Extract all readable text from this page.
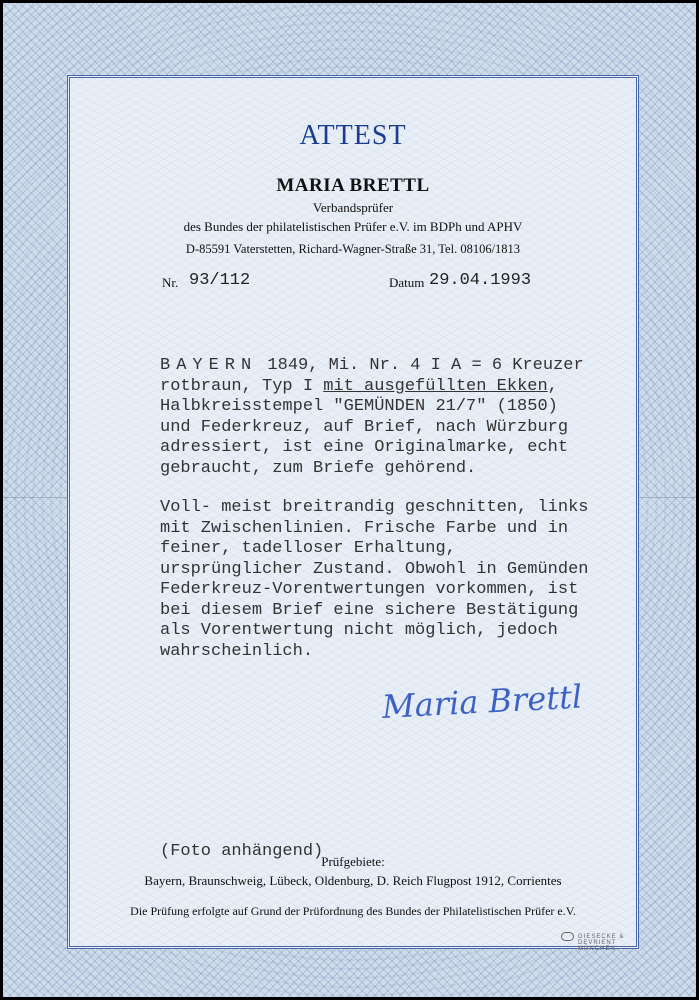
ATTEST
MARIA BRETTL
Verbandsprüfer
des Bundes der philatelistischen Prüfer e.V. im BDPh und APHV
D-85591 Vaterstetten, Richard-Wagner-Straße 31, Tel. 08106/1813
Nr. 93/112	Datum 29.04.1993

BAYERN 1849, Mi. Nr. 4 I A = 6 Kreuzer rotbraun, Typ I mit ausgefüllten Ekken, Halbkreisstempel "GEMÜNDEN 21/7" (1850) und Federkreuz, auf Brief, nach Würzburg adressiert, ist eine Originalmarke, echt gebraucht, zum Briefe gehörend.

Voll- meist breitrandig geschnitten, links mit Zwischenlinien. Frische Farbe und in feiner, tadelloser Erhaltung, ursprünglicher Zustand. Obwohl in Gemünden Federkreuz-Vorentwertungen vorkommen, ist bei diesem Brief eine sichere Bestätigung als Vorentwertung nicht möglich, jedoch wahrscheinlich.

Maria Brettl
(Foto anhängend)
Prüfgebiete:
Bayern, Braunschweig, Lübeck, Oldenburg, D. Reich Flugpost 1912, Corrientes
Die Prüfung erfolgte auf Grund der Prüfordnung des Bundes der Philatelistischen Prüfer e.V.
GIESECKE & DEVRIENT MÜNCHEN
